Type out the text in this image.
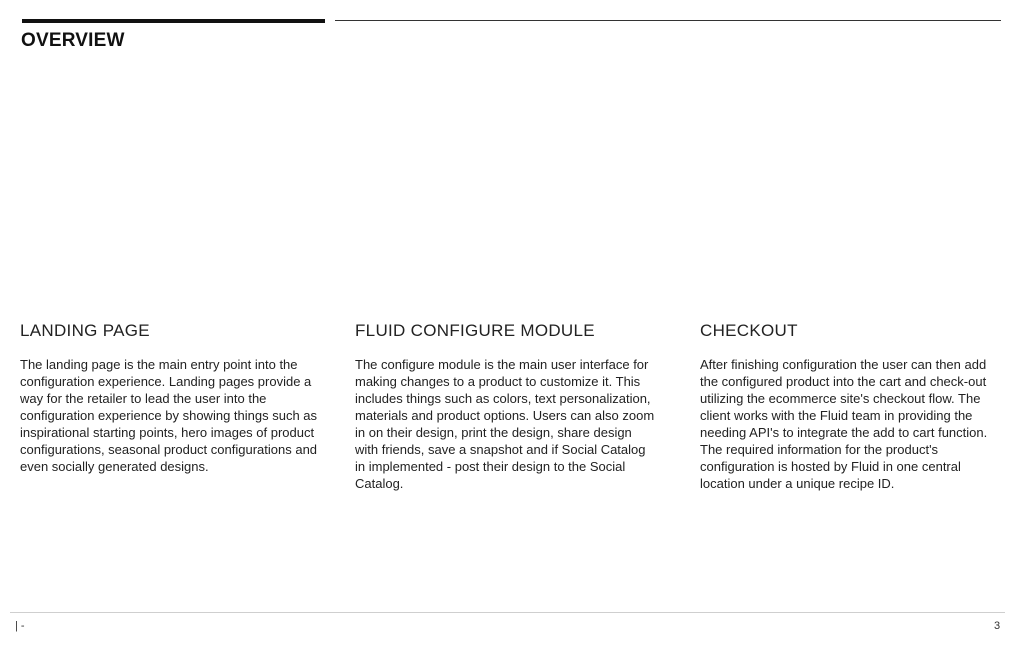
OVERVIEW
LANDING PAGE

The landing page is the main entry point into the configuration experience. Landing pages provide a way for the retailer to lead the user into the configuration experience by showing things such as inspirational starting points, hero images of product configurations, seasonal product configurations and even socially generated designs.

FLUID CONFIGURE MODULE

The configure module is the main user interface for making changes to a product to customize it. This includes things such as colors, text personalization, materials and product options. Users can also zoom in on their design, print the design, share design with friends, save a snapshot and if Social Catalog in implemented - post their design to the Social Catalog.

CHECKOUT

After finishing configuration the user can then add the configured product into the cart and check-out utilizing the ecommerce site's checkout flow. The client works with the Fluid team in providing the needing API's to integrate the add to cart function. The required information for the product's configuration is hosted by Fluid in one central location under a unique recipe ID.

| -	3
